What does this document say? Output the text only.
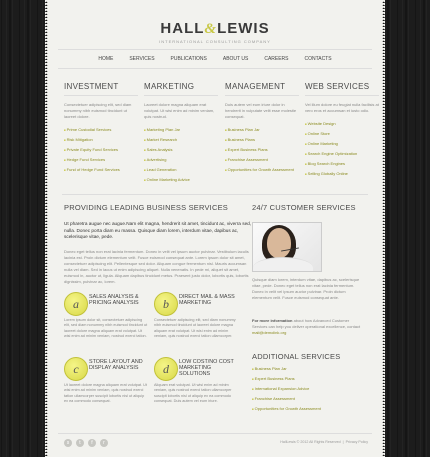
HALL&LEWIS
INTERNATIONAL CONSULTING COMPANY
HOME	SERVICES	PUBLICATIONS	ABOUT US	CAREERS	CONTACTS
INVESTMENT

Consectetuer adipiscing elit, sed diam nonummy nibh euismod tincidunt ut laoreet dolore.

■ Prime Custodial Services
■ Risk Mitigation
■ Private Equity Fund Services
■ Hedge Fund Services
■ Fund of Hedge Fund Services
MARKETING

Laoreet dolore magna aliquam erat volutpat. Ut wisi enim ad minim veniam, quis nostrud.

■ Marketing Plan Jar
■ Market Research
■ Sales Analysis
■ Advertising
■ Lead Generation
■ Online Marketing Advice
MANAGEMENT

Duis autem vel eum iriure dolor in hendrerit in vulputate velit esse molestie consequat.

■ Business Plan Jar
■ Business Plans
■ Expert Business Plans
■ Franchise Assessment
■ Opportunities for Growth Assessment
WEB SERVICES

Vel illum dolore eu feugiat nulla facilisis at vero eros et accumsan et iusto odio.

■ Website Design
■ Online Store
■ Online Marketing
■ Search Engine Optimization
■ Blog Search Engines
■ Selling Globally Online
PROVIDING LEADING BUSINESS SERVICES
Ut pharetra augue nec augue.Nam elit magna, hendrerit sit amet, tincidunt ac, viverra sed, nulla. Donec porta diam eu massa. Quisque diam lorem, interdum vitae, dapibus ac, scelerisque vitae, pede.
Donec eget tellus non erat lacinia fermentum. Donec in velit vel ipsum auctor pulvinar. Vestibulum iaculis lacinia est. Proin dictum elementum velit. Fusce euismod consequat ante. Lorem ipsum dolor sit amet, consectetuer adipiscing elit. Pellentesque sed dolor. Aliquam congue fermentum nisl. Mauris accumsan nulla vel diam. Sed in lacus ut enim adipiscing aliquet. Nulla venenatis. In pede mi, aliquet sit amet, euismod in, auctor ut, ligula. Aliquam dapibus tincidunt metus. Praesent justo dolor, lobortis quis, lobortis dignissim, pulvinar ac, lorem.
a	SALES ANALYSIS & PRICING ANALYSIS
Lorem ipsum dolor sit, consectetuer adipiscing elit, sed diam nonummy nibh euismod tincidunt ut laoreet dolore magna aliquam erat volutpat. Ut wisi enim ad minim veniam, nostrud exerci tation.
b	DIRECT MAIL & MASS MARKETING
Consectetuer adipiscing elit, sed diam nonummy nibh euismod tincidunt ut laoreet dolore magna aliquam erat volutpat. Ut wisi enim ad minim veniam, quis nostrud exerci tation ullamcorper.
c	STORE LAYOUT AND DISPLAY ANALYSIS
Ut laoreet dolore magna aliquam erat volutpat. Ut wisi enim ad minim veniam, quis nostrud exerci tation ullamcorper suscipit lobortis nisl ut aliquip ex ea commodo consequat.
d	LOW COST/NO COST MARKETING SOLUTIONS
Aliquam erat volutpat. Ut wisi enim ad minim veniam, quis nostrud exerci tation ullamcorper suscipit lobortis nisl ut aliquip ex ea commodo consequat. Duis autem vel eum iriure.
24/7 CUSTOMER SERVICES
Quisque diam lorem, interdum vitae, dapibus ac, scelerisque vitae, pede. Donec eget tellus non erat lacinia fermentum. Donec in velit vel ipsum auctor pulvinar. Proin dictum elementum velit. Fusce euismod consequat ante.
For more information about how Advanced Customer Services can help you deliver operational excellence, contact mail@demolink.org
ADDITIONAL SERVICES
■ Business Plan Jar
■ Expert Business Plans
■ International Expansion Advice
■ Franchise Assessment
■ Opportunities for Growth Assessment
s	t	f	r	HallLewis © 2012 All Rights Reserved  |  Privacy Policy
